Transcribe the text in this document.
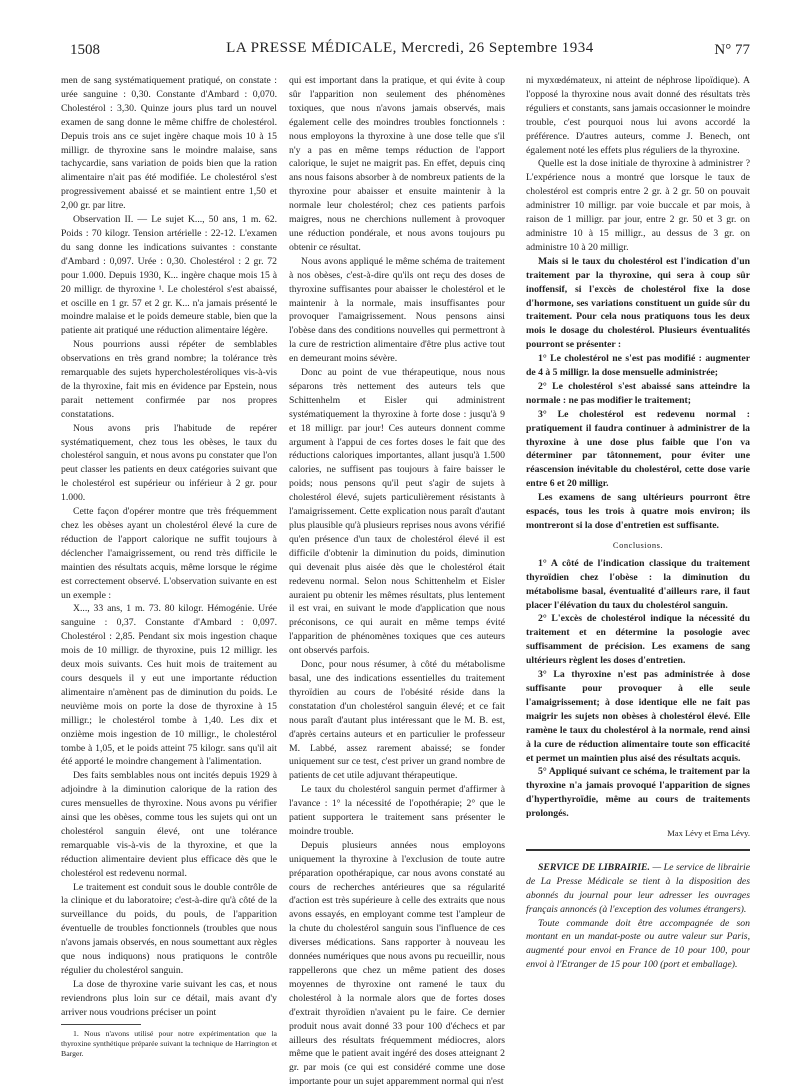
1508	LA PRESSE MÉDICALE, Mercredi, 26 Septembre 1934	N° 77

men de sang systématiquement pratiqué, on constate : urée sanguine : 0,30. Constante d'Ambard : 0,070. Cholestérol : 3,30. Quinze jours plus tard un nouvel examen de sang donne le même chiffre de cholestérol. Depuis trois ans ce sujet ingère chaque mois 10 à 15 milligr. de thyroxine sans le moindre malaise, sans tachycardie, sans variation de poids bien que la ration alimentaire n'ait pas été modifiée. Le cholestérol s'est progressivement abaissé et se maintient entre 1,50 et 2,00 gr. par litre.

Observation II. — Le sujet K..., 50 ans, 1 m. 62. Poids : 70 kilogr. Tension artérielle : 22-12. L'examen du sang donne les indications suivantes : constante d'Ambard : 0,097. Urée : 0,30. Cholestérol : 2 gr. 72 pour 1.000. Depuis 1930, K... ingère chaque mois 15 à 20 milligr. de thyroxine ¹. Le cholestérol s'est abaissé, et oscille en 1 gr. 57 et 2 gr. K... n'a jamais présenté le moindre malaise et le poids demeure stable, bien que la patiente ait pratiqué une réduction alimentaire légère.

Nous pourrions aussi répéter de semblables observations en très grand nombre; la tolérance très remarquable des sujets hypercholestéroliques vis-à-vis de la thyroxine, fait mis en évidence par Epstein, nous parait nettement confirmée par nos propres constatations.

Nous avons pris l'habitude de repérer systématiquement, chez tous les obèses, le taux du cholestérol sanguin, et nous avons pu constater que l'on peut classer les patients en deux catégories suivant que le cholestérol est supérieur ou inférieur à 2 gr. pour 1.000.

Cette façon d'opérer montre que très fréquemment chez les obèses ayant un cholestérol élevé la cure de réduction de l'apport calorique ne suffit toujours à déclencher l'amaigrissement, ou rend très difficile le maintien des résultats acquis, même lorsque le régime est correctement observé. L'observation suivante en est un exemple :

X..., 33 ans, 1 m. 73. 80 kilogr. Hémogénie. Urée sanguine : 0,37. Constante d'Ambard : 0,097. Cholestérol : 2,85. Pendant six mois ingestion chaque mois de 10 milligr. de thyroxine, puis 12 milligr. les deux mois suivants. Ces huit mois de traitement au cours desquels il y eut une importante réduction alimentaire n'amènent pas de diminution du poids. Le neuvième mois on porte la dose de thyroxine à 15 milligr.; le cholestérol tombe à 1,40. Les dix et onzième mois ingestion de 10 milligr., le cholestérol tombe à 1,05, et le poids atteint 75 kilogr. sans qu'il ait été apporté le moindre changement à l'alimentation.

Des faits semblables nous ont incités depuis 1929 à adjoindre à la diminution calorique de la ration des cures mensuelles de thyroxine. Nous avons pu vérifier ainsi que les obèses, comme tous les sujets qui ont un cholestérol sanguin élevé, ont une tolérance remarquable vis-à-vis de la thyroxine, et que la réduction alimentaire devient plus efficace dès que le cholestérol est redevenu normal.

Le traitement est conduit sous le double contrôle de la clinique et du laboratoire; c'est-à-dire qu'à côté de la surveillance du poids, du pouls, de l'apparition éventuelle de troubles fonctionnels (troubles que nous n'avons jamais observés, en nous soumettant aux règles que nous indiquons) nous pratiquons le contrôle régulier du cholestérol sanguin.

La dose de thyroxine varie suivant les cas, et nous reviendrons plus loin sur ce détail, mais avant d'y arriver nous voudrions préciser un point

1. Nous n'avons utilisé pour notre expérimentation que la thyroxine synthétique préparée suivant la technique de Harrington et Barger.

qui est important dans la pratique, et qui évite à coup sûr l'apparition non seulement des phénomènes toxiques, que nous n'avons jamais observés, mais également celle des moindres troubles fonctionnels : nous employons la thyroxine à une dose telle que s'il n'y a pas en même temps réduction de l'apport calorique, le sujet ne maigrit pas. En effet, depuis cinq ans nous faisons absorber à de nombreux patients de la thyroxine pour abaisser et ensuite maintenir à la normale leur cholestérol; chez ces patients parfois maigres, nous ne cherchions nullement à provoquer une réduction pondérale, et nous avons toujours pu obtenir ce résultat.

Nous avons appliqué le même schéma de traitement à nos obèses, c'est-à-dire qu'ils ont reçu des doses de thyroxine suffisantes pour abaisser le cholestérol et le maintenir à la normale, mais insuffisantes pour provoquer l'amaigrissement. Nous pensons ainsi l'obèse dans des conditions nouvelles qui permettront à la cure de restriction alimentaire d'être plus active tout en demeurant moins sévère.

Donc au point de vue thérapeutique, nous nous séparons très nettement des auteurs tels que Schittenhelm et Eisler qui administrent systématiquement la thyroxine à forte dose : jusqu'à 9 et 18 milligr. par jour! Ces auteurs donnent comme argument à l'appui de ces fortes doses le fait que des réductions caloriques importantes, allant jusqu'à 1.500 calories, ne suffisent pas toujours à faire baisser le poids; nous pensons qu'il peut s'agir de sujets à cholestérol élevé, sujets particulièrement résistants à l'amaigrissement. Cette explication nous paraît d'autant plus plausible qu'à plusieurs reprises nous avons vérifié qu'en présence d'un taux de cholestérol élevé il est difficile d'obtenir la diminution du poids, diminution qui devenait plus aisée dès que le cholestérol était redevenu normal. Selon nous Schittenhelm et Eisler auraient pu obtenir les mêmes résultats, plus lentement il est vrai, en suivant le mode d'application que nous préconisons, ce qui aurait en même temps évité l'apparition de phénomènes toxiques que ces auteurs ont observés parfois.

Donc, pour nous résumer, à côté du métabolisme basal, une des indications essentielles du traitement thyroïdien au cours de l'obésité réside dans la constatation d'un cholestérol sanguin élevé; et ce fait nous paraît d'autant plus intéressant que le M. B. est, d'après certains auteurs et en particulier le professeur M. Labbé, assez rarement abaissé; se fonder uniquement sur ce test, c'est priver un grand nombre de patients de cet utile adjuvant thérapeutique.

Le taux du cholestérol sanguin permet d'affirmer à l'avance : 1° la nécessité de l'opothérapie; 2° que le patient supportera le traitement sans présenter le moindre trouble.

Depuis plusieurs années nous employons uniquement la thyroxine à l'exclusion de toute autre préparation opothérapique, car nous avons constaté au cours de recherches antérieures que sa régularité d'action est très supérieure à celle des extraits que nous avons essayés, en employant comme test l'ampleur de la chute du cholestérol sanguin sous l'influence de ces diverses médications. Sans rapporter à nouveau les données numériques que nous avons pu recueillir, nous rappellerons que chez un même patient des doses moyennes de thyroxine ont ramené le taux du cholestérol à la normale alors que de fortes doses d'extrait thyroïdien n'avaient pu le faire. Ce dernier produit nous avait donné 33 pour 100 d'échecs et par ailleurs des résultats fréquemment médiocres, alors même que le patient avait ingéré des doses atteignant 2 gr. par mois (ce qui est considéré comme une dose importante pour un sujet apparemment normal qui n'est

ni myxœdémateux, ni atteint de néphrose lipoïdique). A l'opposé la thyroxine nous avait donné des résultats très réguliers et constants, sans jamais occasionner le moindre trouble, c'est pourquoi nous lui avons accordé la préférence. D'autres auteurs, comme J. Benech, ont également noté les effets plus réguliers de la thyroxine.

Quelle est la dose initiale de thyroxine à administrer ? L'expérience nous a montré que lorsque le taux de cholestérol est compris entre 2 gr. à 2 gr. 50 on pouvait administrer 10 milligr. par voie buccale et par mois, à raison de 1 milligr. par jour, entre 2 gr. 50 et 3 gr. on administre 10 à 15 milligr., au dessus de 3 gr. on administre 10 à 20 milligr.

Mais si le taux du cholestérol est l'indication d'un traitement par la thyroxine, qui sera à coup sûr inoffensif, si l'excès de cholestérol fixe la dose d'hormone, ses variations constituent un guide sûr du traitement. Pour cela nous pratiquons tous les deux mois le dosage du cholestérol. Plusieurs éventualités pourront se présenter :

1° Le cholestérol ne s'est pas modifié : augmenter de 4 à 5 milligr. la dose mensuelle administrée;

2° Le cholestérol s'est abaissé sans atteindre la normale : ne pas modifier le traitement;

3° Le cholestérol est redevenu normal : pratiquement il faudra continuer à administrer de la thyroxine à une dose plus faible que l'on va déterminer par tâtonnement, pour éviter une réascension inévitable du cholestérol, cette dose varie entre 6 et 20 milligr.

Les examens de sang ultérieurs pourront être espacés, tous les trois à quatre mois environ; ils montreront si la dose d'entretien est suffisante.

Conclusions.

1° A côté de l'indication classique du traitement thyroïdien chez l'obèse : la diminution du métabolisme basal, éventualité d'ailleurs rare, il faut placer l'élévation du taux du cholestérol sanguin.

2° L'excès de cholestérol indique la nécessité du traitement et en détermine la posologie avec suffisamment de précision. Les examens de sang ultérieurs règlent les doses d'entretien.

3° La thyroxine n'est pas administrée à dose suffisante pour provoquer à elle seule l'amaigrissement; à dose identique elle ne fait pas maigrir les sujets non obèses à cholestérol élevé. Elle ramène le taux du cholestérol à la normale, rend ainsi à la cure de réduction alimentaire toute son efficacité et permet un maintien plus aisé des résultats acquis.

5° Appliqué suivant ce schéma, le traitement par la thyroxine n'a jamais provoqué l'apparition de signes d'hyperthyroïdie, même au cours de traitements prolongés.

Max Lévy et Erna Lévy.

SERVICE DE LIBRAIRIE. — Le service de librairie de La Presse Médicale se tient à la disposition des abonnés du journal pour leur adresser les ouvrages français annoncés (à l'exception des volumes étrangers).

Toute commande doit être accompagnée de son montant en un mandat-poste ou autre valeur sur Paris, augmenté pour envoi en France de 10 pour 100, pour envoi à l'Etranger de 15 pour 100 (port et emballage).
